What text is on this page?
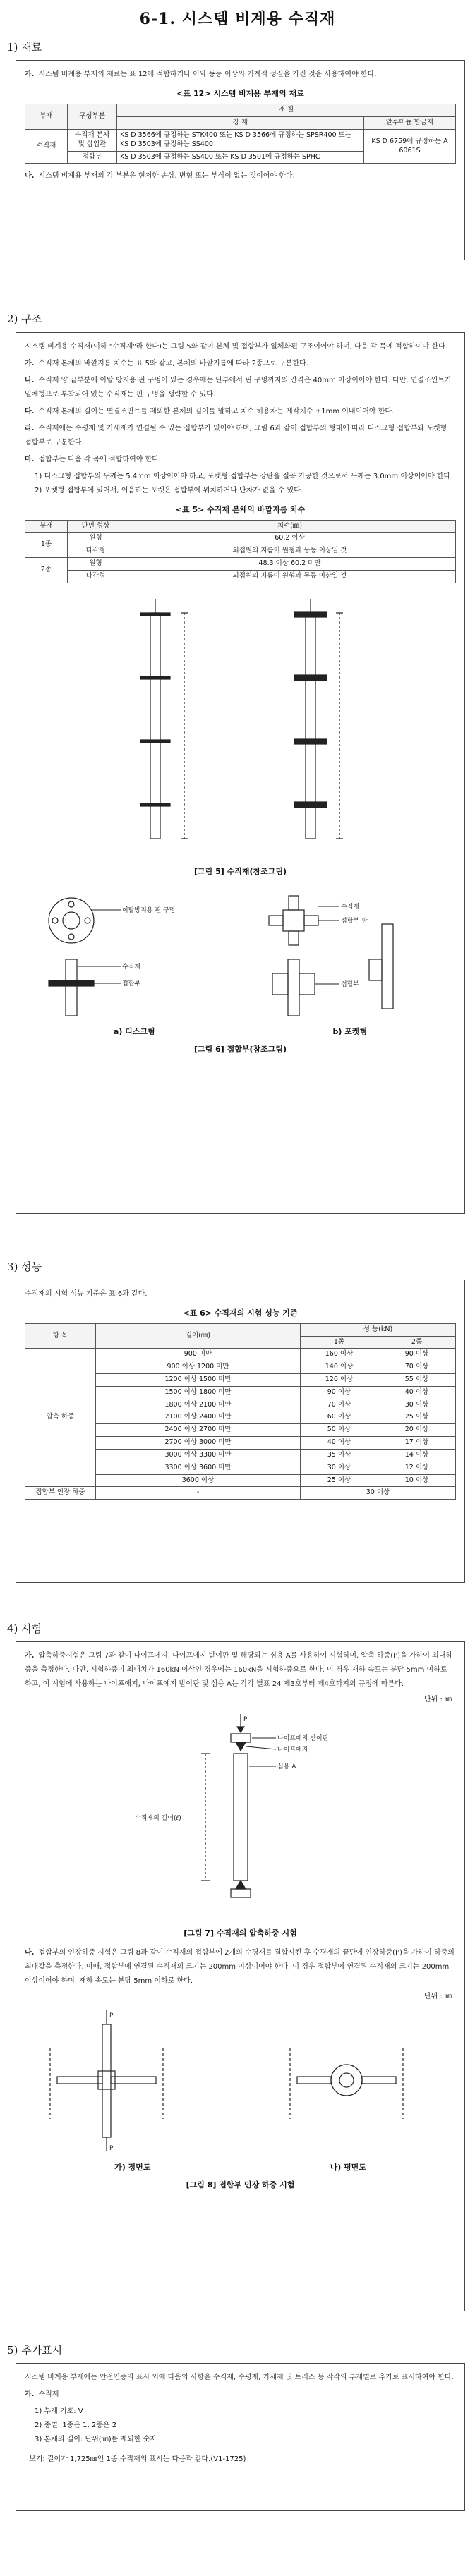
6-1. 시스템 비계용 수직재
1) 재료
가. 시스템 비계용 부재의 재료는 표 12에 적합하거나 이와 동등 이상의 기계적 성질을 가진 것을 사용하여야 한다.
<표 12> 시스템 비계용 부재의 재료
부재	구성부분	재 질	
		강 재	알루미늄 합금재
수직재	수직재 본체 및 삽입관	KS D 3566에 규정하는 STK400 또는 KS D 3566에 규정하는 SPSR400 또는 KS D 3503에 규정하는 SS400	KS D 6759에 규정하는 A 6061S
	접합부	KS D 3503에 규정하는 SS400 또는 KS D 3501에 규정하는 SPHC	
나. 시스템 비계용 부재의 각 부분은 현저한 손상, 변형 또는 부식이 없는 것이어야 한다.
2) 구조
시스템 비계용 수직재(이하 "수직재"라 한다)는 그림 5와 같이 본체 및 접합부가 일체화된 구조이어야 하며, 다음 각 목에 적합하여야 한다.
가. 수직재 본체의 바깥지름 치수는 표 5와 같고, 본체의 바깥지름에 따라 2종으로 구분한다.
나. 수직재 양 끝부분에 이탈 방지용 핀 구멍이 있는 경우에는 단부에서 핀 구멍까지의 간격은 40mm 이상이어야 한다. 다만, 연결조인트가 일체형으로 부착되어 있는 수직재는 핀 구멍을 생략할 수 있다.
다. 수직재 본체의 길이는 연결조인트를 제외한 본체의 길이를 말하고 치수 허용차는 제작치수 ±1mm 이내이어야 한다.
라. 수직재에는 수평재 및 가새재가 연결될 수 있는 접합부가 있어야 하며, 그림 6과 같이 접합부의 형태에 따라 디스크형 접합부와 포켓형 접합부로 구분한다.
마. 접합부는 다음 각 목에 적합하여야 한다.
1) 디스크형 접합부의 두께는 5.4mm 이상이어야 하고, 포켓형 접합부는 강판을 절곡 가공한 것으로서 두께는 3.0mm 이상이어야 한다.
2) 포켓형 접합부에 있어서, 이음하는 포켓은 접합부에 위치하거나 단차가 없을 수 있다.
<표 5> 수직재 본체의 바깥지름 치수
부재	단면 형상	치수(㎜)
1종	원형	60.2 이상
	다각형	외접원의 지름이 원형과 동등 이상일 것
2종	원형	48.3 이상 60.2 미만
	다각형	외접원의 지름이 원형과 동등 이상일 것
[그림 5] 수직재(참조그림)
이탈방지용 핀 구멍
수직재
접합부
수직재
접합부 판
접합부
a) 디스크형	b) 포켓형
[그림 6] 접합부(참조그림)
3) 성능
수직재의 시험 성능 기준은 표 6과 같다.
<표 6> 수직재의 시험 성능 기준
항 목	길이(㎜)	성 능(kN)	
		1종	2종
압축 하중	900 미만	160 이상	90 이상
	900 이상 1200 미만	140 이상	70 이상
	1200 이상 1500 미만	120 이상	55 이상
	1500 이상 1800 미만	90 이상	40 이상
	1800 이상 2100 미만	70 이상	30 이상
	2100 이상 2400 미만	60 이상	25 이상
	2400 이상 2700 미만	50 이상	20 이상
	2700 이상 3000 미만	40 이상	17 이상
	3000 이상 3300 미만	35 이상	14 이상
	3300 이상 3600 미만	30 이상	12 이상
	3600 이상	25 이상	10 이상
접합부 인장 하중	-	30 이상	
4) 시험
가. 압축하중시험은 그림 7과 같이 나이프에지, 나이프에지 받이판 및 해당되는 심용 A를 사용하여 시험하며, 압축 하중(P)을 가하여 최대하중을 측정한다. 다만, 시험하중이 최대치가 160kN 이상인 경우에는 160kN을 시험하중으로 한다. 이 경우 재하 속도는 분당 5mm 이하로 하고, 이 시험에 사용하는 나이프에지, 나이프에지 받이판 및 심용 A는 각각 별표 24 제3호부터 제4호까지의 규정에 따른다.
단위 : ㎜
P
나이프에지 받이판
나이프에지
심용 A
수직재의 길이(ℓ)
[그림 7] 수직재의 압축하중 시험
나. 접합부의 인장하중 시험은 그림 8과 같이 수직재의 접합부에 2개의 수평재를 결합시킨 후 수평재의 끝단에 인장하중(P)을 가하여 하중의 최대값을 측정한다. 이때, 접합부에 연결된 수직재의 크기는 200mm 이상이어야 한다. 이 경우 접합부에 연결된 수직재의 크기는 200mm 이상이어야 하며, 재하 속도는 분당 5mm 이하로 한다.
단위 : ㎜
P
P
가) 정면도	나) 평면도
[그림 8] 접합부 인장 하중 시험
5) 추가표시
시스템 비계용 부재에는 안전인증의 표시 외에 다음의 사항을 수직재, 수평재, 가새재 및 트러스 등 각각의 부재별로 추가로 표시하여야 한다.
가. 수직재
1) 부재 기호: V
2) 종별: 1종은 1, 2종은 2
3) 본체의 길이: 단위(㎜)를 제외한 숫자
보기: 길이가 1,725㎜인 1종 수직재의 표시는 다음과 같다.(V1-1725)
